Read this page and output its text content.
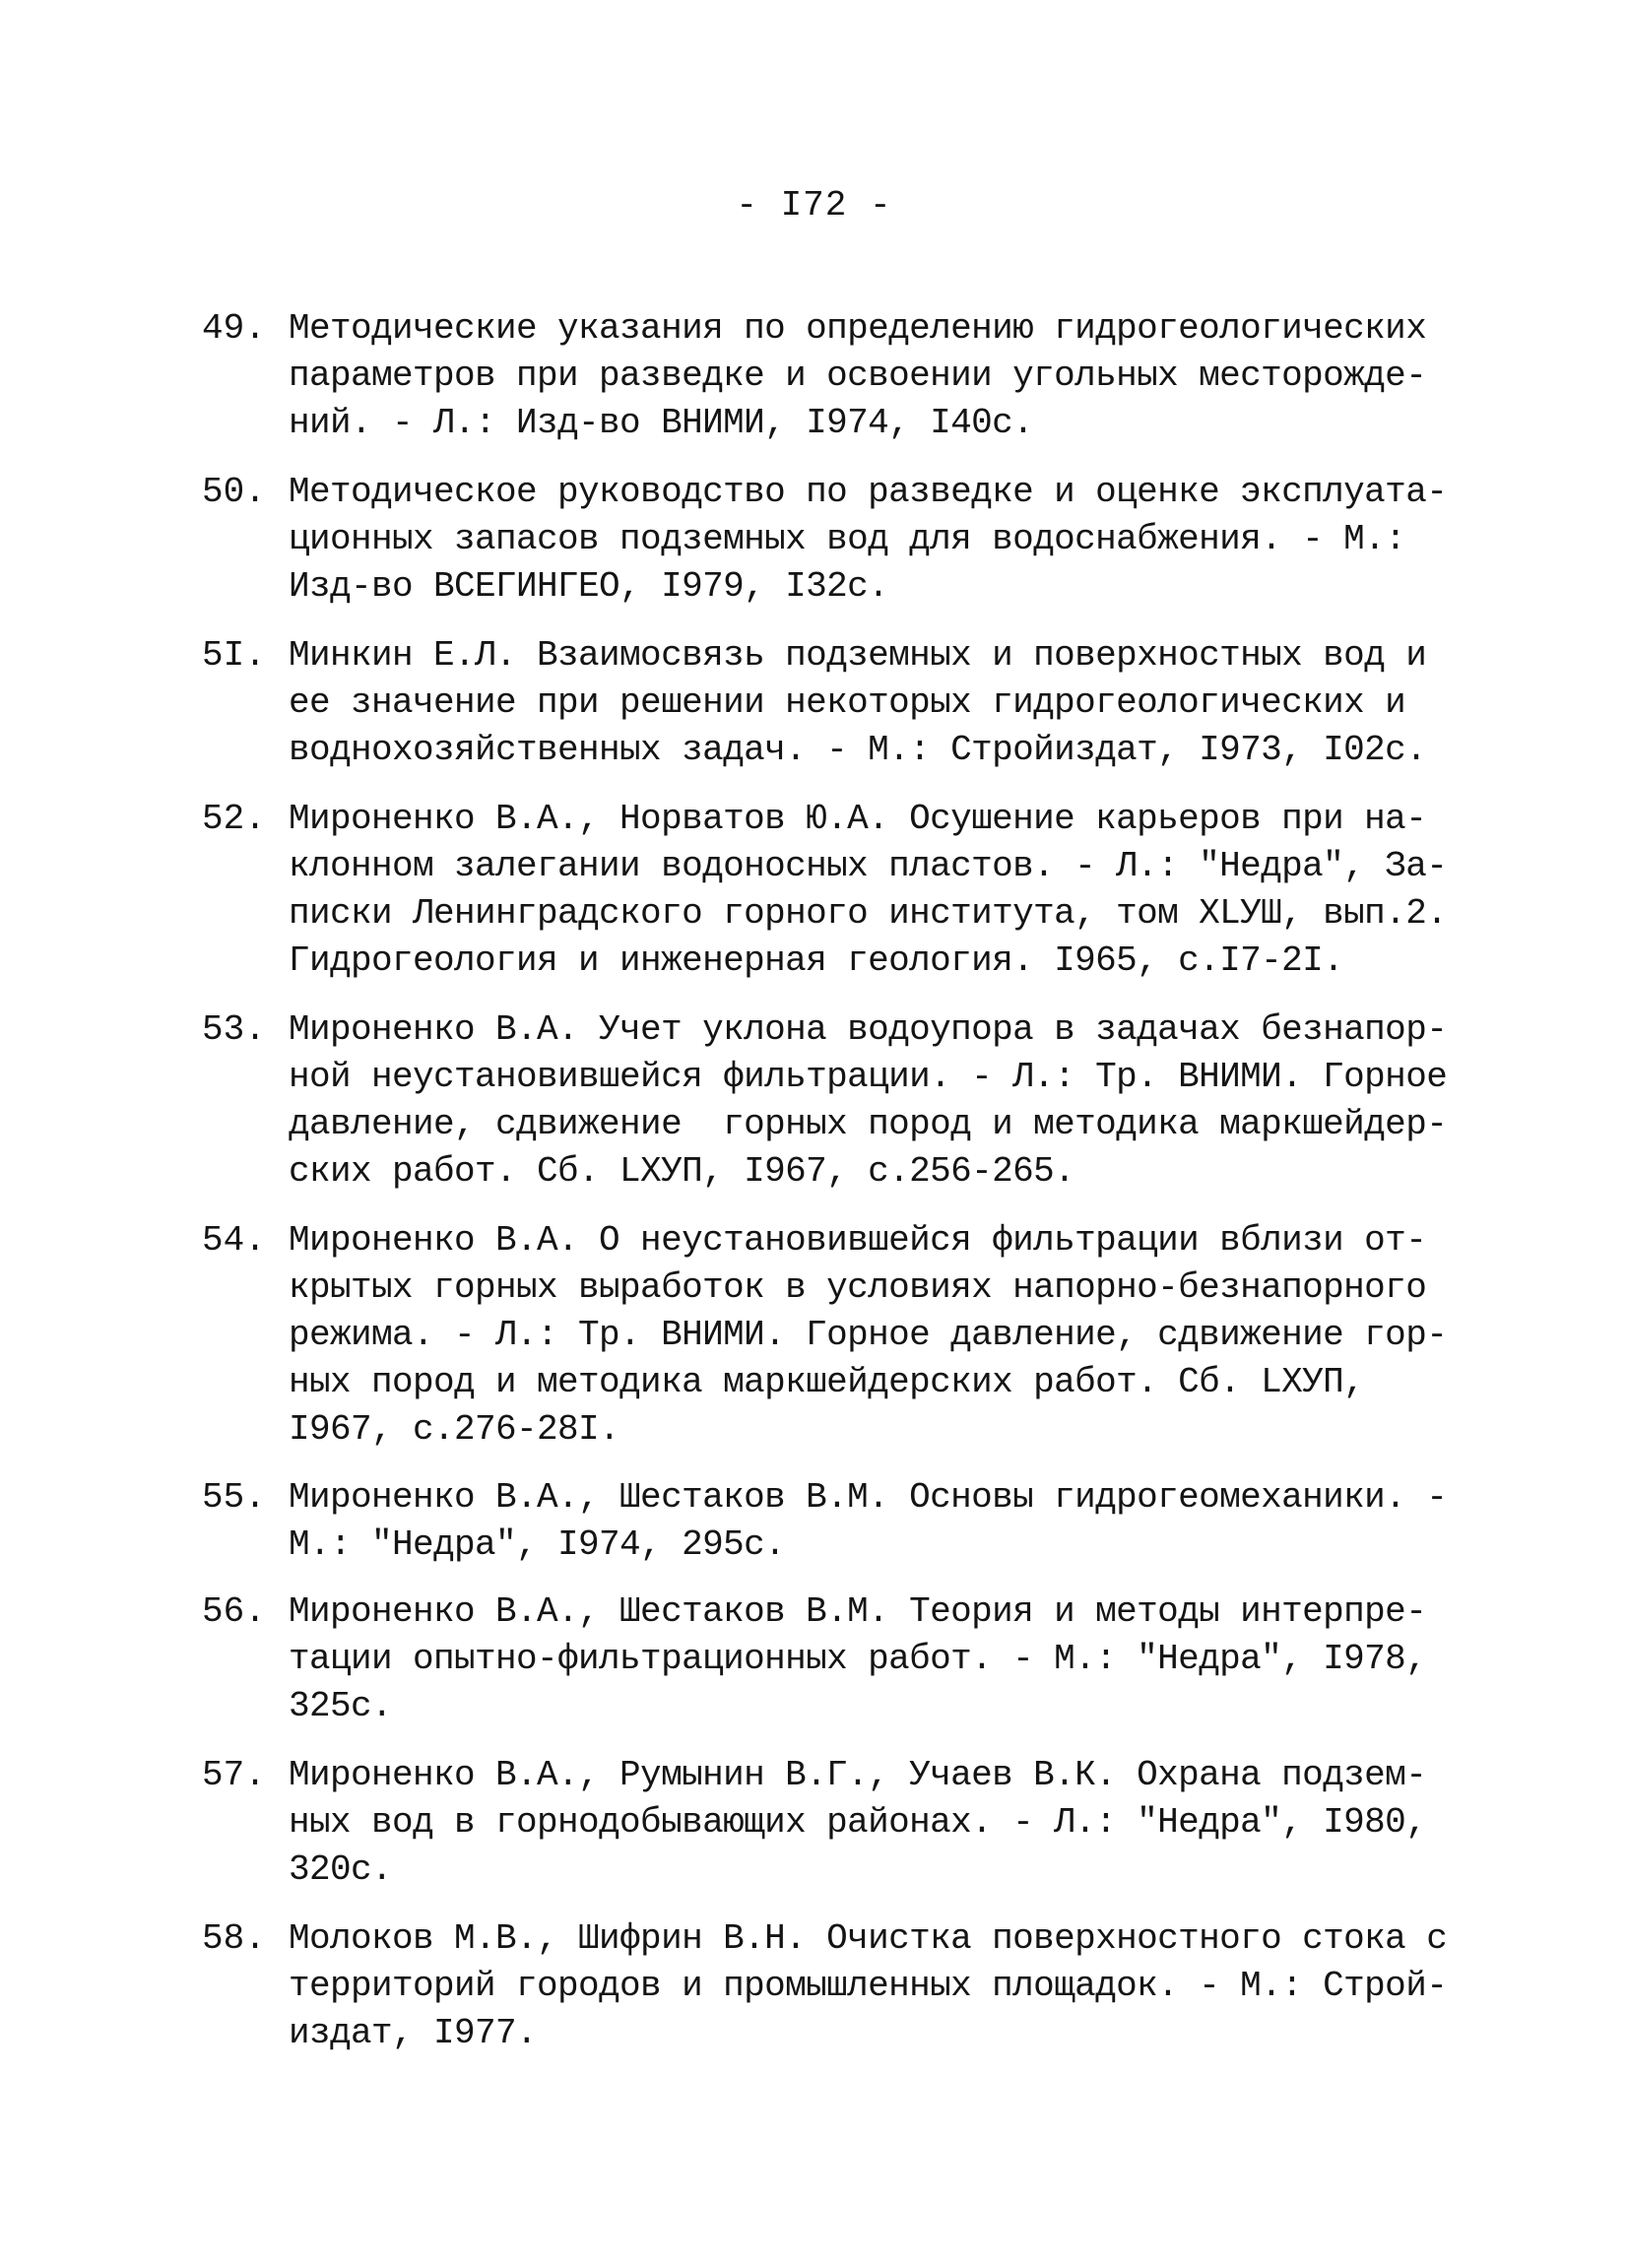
- I72 -
49. Методические указания по определению гидрогеологических
параметров при разведке и освоении угольных месторожде-
ний. - Л.: Изд-во ВНИМИ, I974, I40с.
50. Методическое руководство по разведке и оценке эксплуата-
ционных запасов подземных вод для водоснабжения. - М.:
Изд-во ВСЕГИНГЕО, I979, I32с.
5I. Минкин Е.Л. Взаимосвязь подземных и поверхностных вод и
ее значение при решении некоторых гидрогеологических и
воднохозяйственных задач. - М.: Стройиздат, I973, I02с.
52. Мироненко В.А., Норватов Ю.А. Осушение карьеров при на-
клонном залегании водоносных пластов. - Л.: "Недра", За-
писки Ленинградского горного института, том XLУШ, вып.2.
Гидрогеология и инженерная геология. I965, с.I7-2I.
53. Мироненко В.А. Учет уклона водоупора в задачах безнапор-
ной неустановившейся фильтрации. - Л.: Тр. ВНИМИ. Горное
давление, сдвижение  горных пород и методика маркшейдер-
ских работ. Сб. LХУП, I967, с.256-265.
54. Мироненко В.А. О неустановившейся фильтрации вблизи от-
крытых горных выработок в условиях напорно-безнапорного
режима. - Л.: Тр. ВНИМИ. Горное давление, сдвижение гор-
ных пород и методика маркшейдерских работ. Сб. LХУП,
I967, с.276-28I.
55. Мироненко В.А., Шестаков В.М. Основы гидрогеомеханики. -
М.: "Недра", I974, 295с.
56. Мироненко В.А., Шестаков В.М. Теория и методы интерпре-
тации опытно-фильтрационных работ. - М.: "Недра", I978,
325с.
57. Мироненко В.А., Румынин В.Г., Учаев В.К. Охрана подзем-
ных вод в горнодобывающих районах. - Л.: "Недра", I980,
320с.
58. Молоков М.В., Шифрин В.Н. Очистка поверхностного стока с
территорий городов и промышленных площадок. - М.: Строй-
издат, I977.
